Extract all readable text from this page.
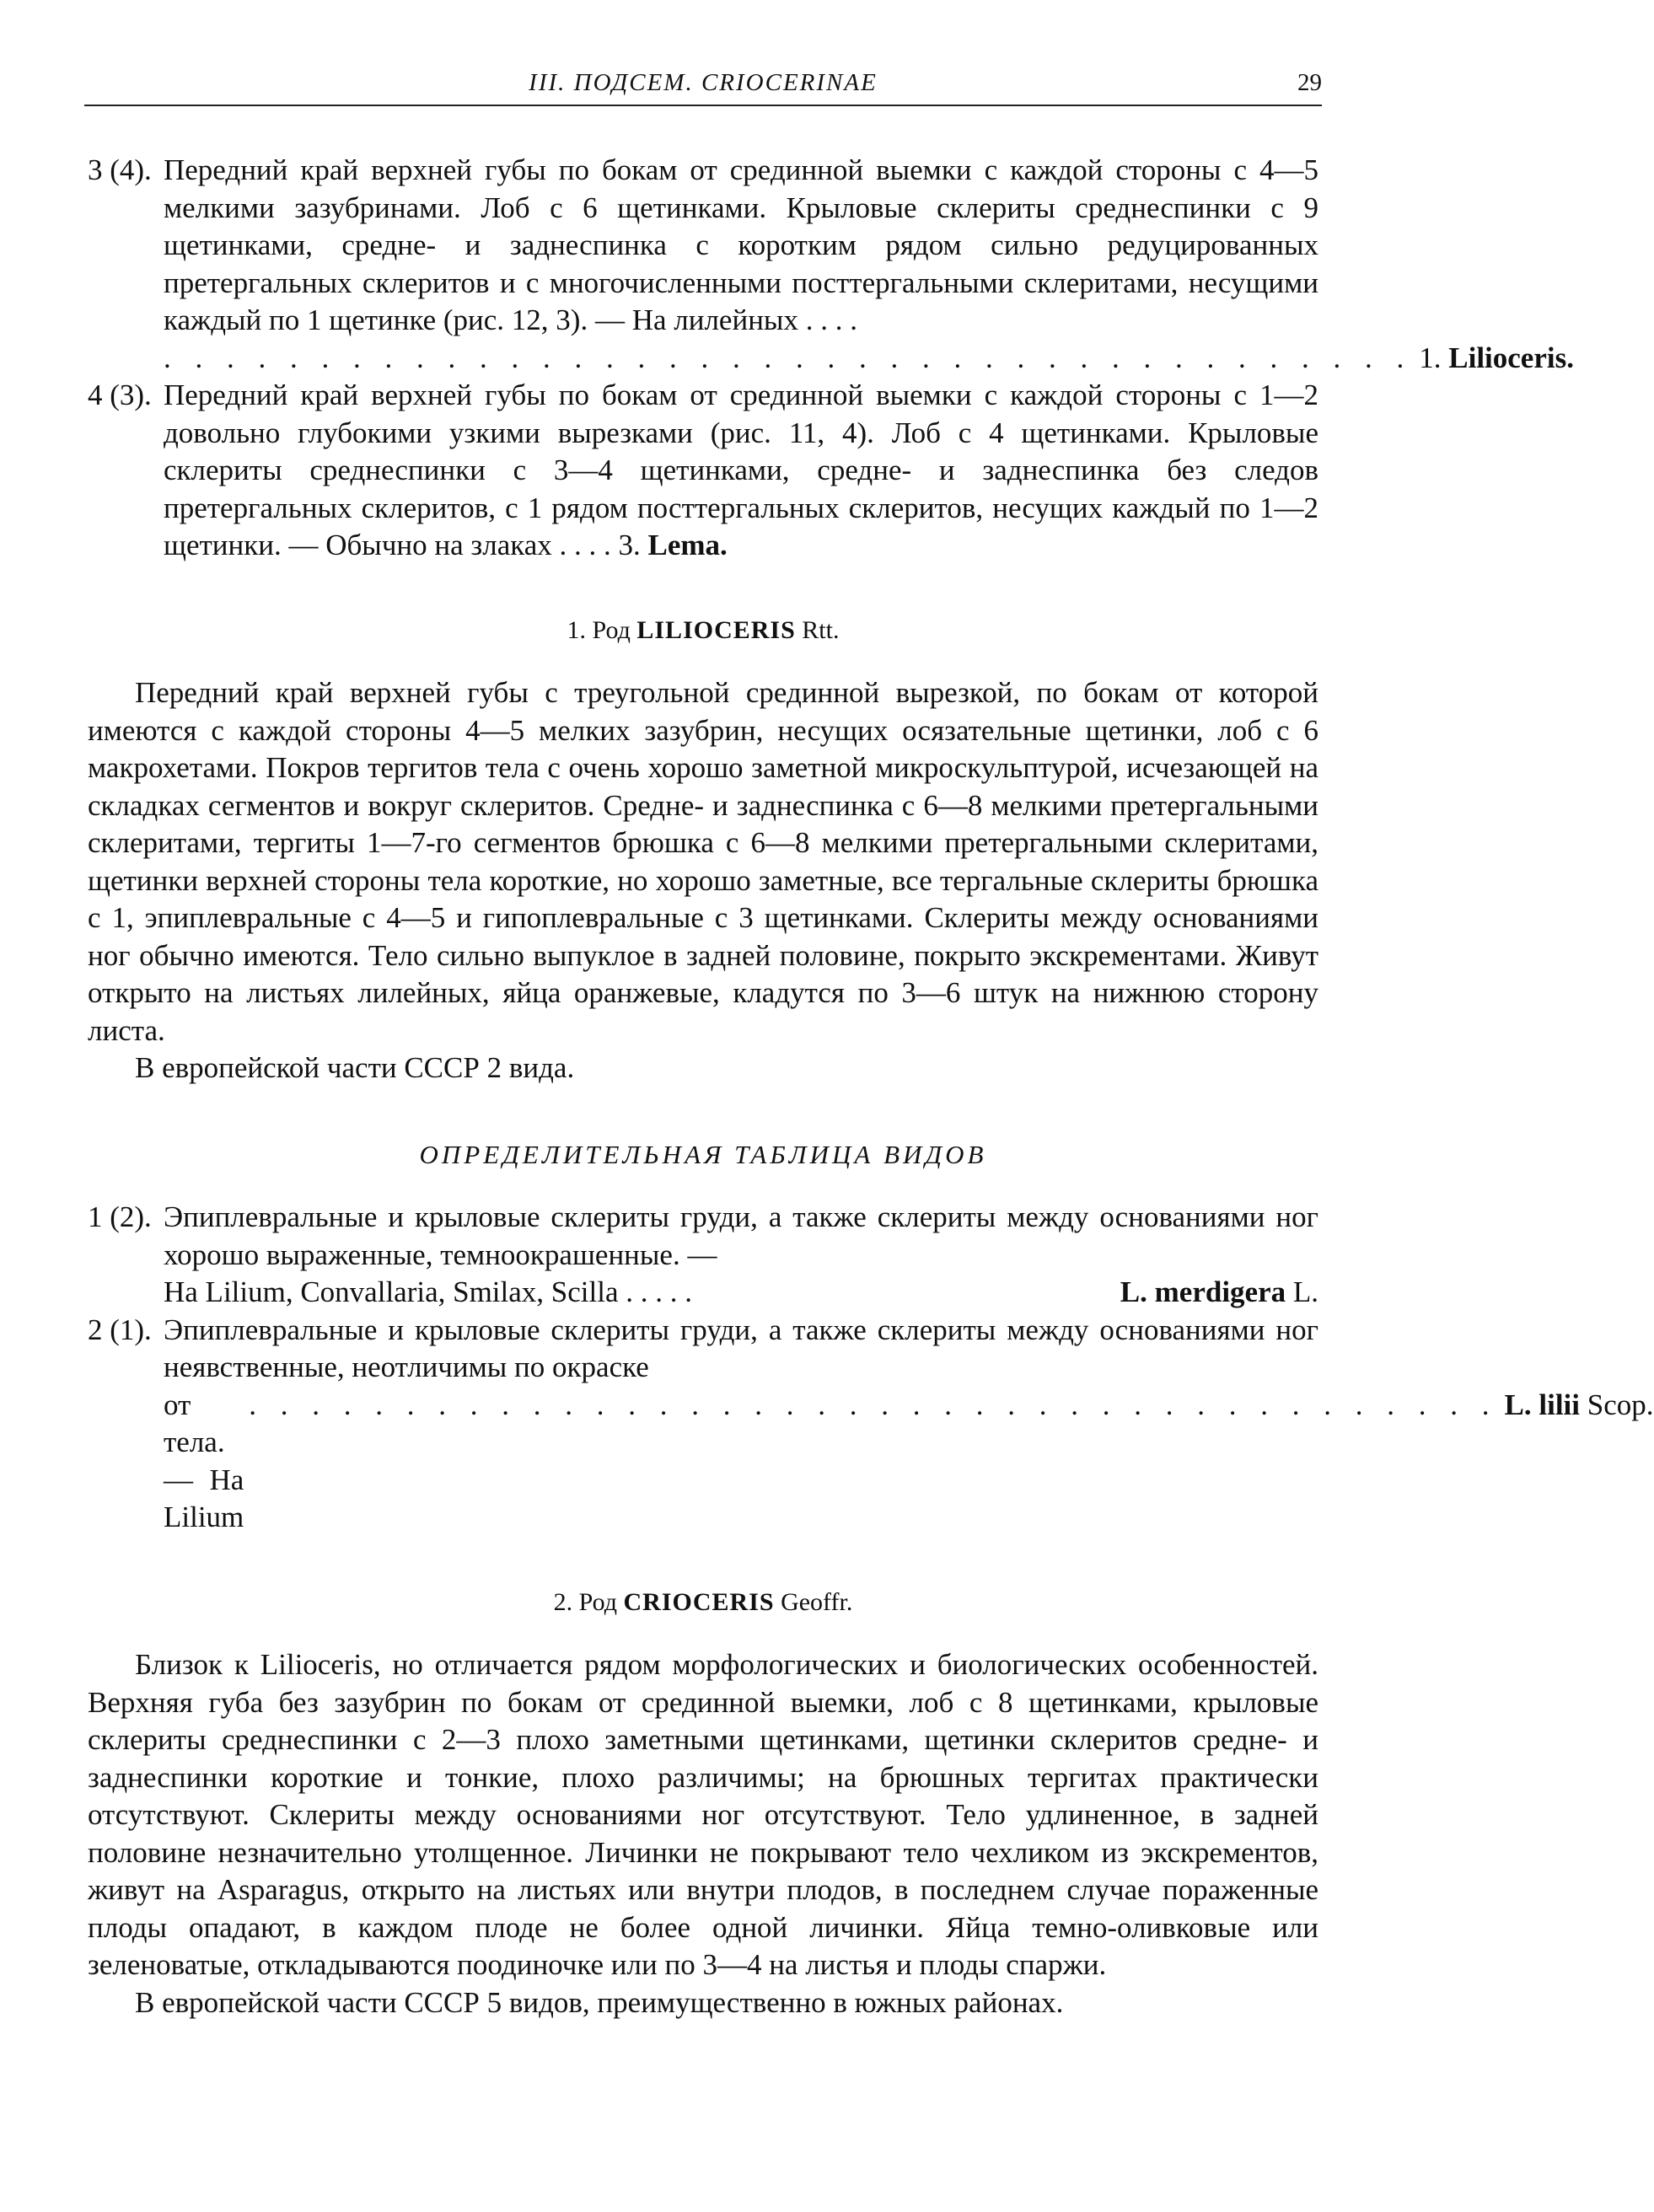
III. ПОДСЕМ. CRIOCERINAE	29
3 (4). Передний край верхней губы по бокам от срединной выемки с каждой стороны с 4—5 мелкими зазубринами. Лоб с 6 щетинками. Крыловые склериты среднеспинки с 9 щетинками, средне- и заднеспинка с коротким рядом сильно редуцированных претергальных склеритов и с многочисленными посттергальными склеритами, несущими каждый по 1 щетинке (рис. 12, 3). — На лилейных . . . .
. . . . . . . . . . . . . . . . . . . . . . . . . . . . . . . . . . . . . . . . 1. Lilioceris.
4 (3). Передний край верхней губы по бокам от срединной выемки с каждой стороны с 1—2 довольно глубокими узкими вырезками (рис. 11, 4). Лоб с 4 щетинками. Крыловые склериты среднеспинки с 3—4 щетинками, средне- и заднеспинка без следов претергальных склеритов, с 1 рядом посттергальных склеритов, несущих каждый по 1—2 щетинки. — Обычно на злаках . . . . 3. Lema.
1. Род LILIOCERIS Rtt.
Передний край верхней губы с треугольной срединной вырезкой, по бокам от которой имеются с каждой стороны 4—5 мелких зазубрин, несущих осязательные щетинки, лоб с 6 макрохетами. Покров тергитов тела с очень хорошо заметной микроскульптурой, исчезающей на складках сегментов и вокруг склеритов. Средне- и заднеспинка с 6—8 мелкими претергальными склеритами, тергиты 1—7-го сегментов брюшка с 6—8 мелкими претергальными склеритами, щетинки верхней стороны тела короткие, но хорошо заметные, все тергальные склериты брюшка с 1, эпиплевральные с 4—5 и гипоплевральные с 3 щетинками. Склериты между основаниями ног обычно имеются. Тело сильно выпуклое в задней половине, покрыто экскрементами. Живут открыто на листьях лилейных, яйца оранжевые, кладутся по 3—6 штук на нижнюю сторону листа.
В европейской части СССР 2 вида.
ОПРЕДЕЛИТЕЛЬНАЯ ТАБЛИЦА ВИДОВ
1 (2). Эпиплевральные и крыловые склериты груди, а также склериты между основаниями ног хорошо выраженные, темноокрашенные. —
На Lilium, Convallaria, Smilax, Scilla . . . . .	L. merdigera L.
2 (1). Эпиплевральные и крыловые склериты груди, а также склериты между основаниями ног неявственные, неотличимы по окраске
от тела. — На Lilium
. . . . . . . . . . . . . . . . . . . . . . . . . . . . . . . . . . . . . . . . L. lilii Scop.
2. Род CRIOCERIS Geoffr.
Близок к Lilioceris, но отличается рядом морфологических и биологических особенностей. Верхняя губа без зазубрин по бокам от срединной выемки, лоб с 8 щетинками, крыловые склериты среднеспинки с 2—3 плохо заметными щетинками, щетинки склеритов средне- и заднеспинки короткие и тонкие, плохо различимы; на брюшных тергитах практически отсутствуют. Склериты между основаниями ног отсутствуют. Тело удлиненное, в задней половине незначительно утолщенное. Личинки не покрывают тело чехликом из экскрементов, живут на Asparagus, открыто на листьях или внутри плодов, в последнем случае пораженные плоды опадают, в каждом плоде не более одной личинки. Яйца темно-оливковые или зеленоватые, откладываются поодиночке или по 3—4 на листья и плоды спаржи.
В европейской части СССР 5 видов, преимущественно в южных районах.
